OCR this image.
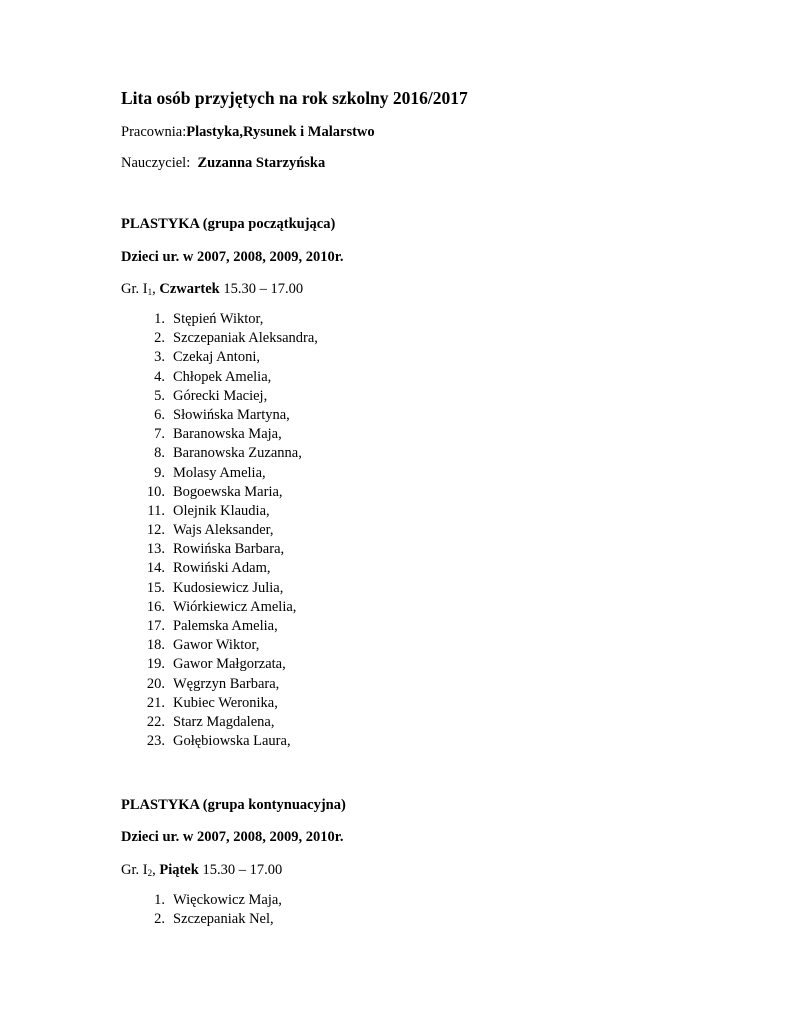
Lita osób przyjętych na rok szkolny 2016/2017
Pracownia:Plastyka,Rysunek i Malarstwo
Nauczyciel: Zuzanna Starzyńska
PLASTYKA (grupa początkująca)
Dzieci ur. w 2007, 2008, 2009, 2010r.
Gr. $I_1$, Czwartek 15.30 – 17.00
1. Stępień Wiktor,
2. Szczepaniak Aleksandra,
3. Czekaj Antoni,
4. Chłopek Amelia,
5. Górecki Maciej,
6. Słowińska Martyna,
7. Baranowska Maja,
8. Baranowska Zuzanna,
9. Molasy Amelia,
10. Bogoewska Maria,
11. Olejnik Klaudia,
12. Wajs Aleksander,
13. Rowińska Barbara,
14. Rowiński Adam,
15. Kudosiewicz Julia,
16. Wiórkiewicz Amelia,
17. Palemska Amelia,
18. Gawor Wiktor,
19. Gawor Małgorzata,
20. Węgrzyn Barbara,
21. Kubiec Weronika,
22. Starz Magdalena,
23. Gołębiowska Laura,
PLASTYKA (grupa kontynuacyjna)
Dzieci ur. w 2007, 2008, 2009, 2010r.
Gr. $I_2$, Piątek 15.30 – 17.00
1. Więckowicz Maja,
2. Szczepaniak Nel,
